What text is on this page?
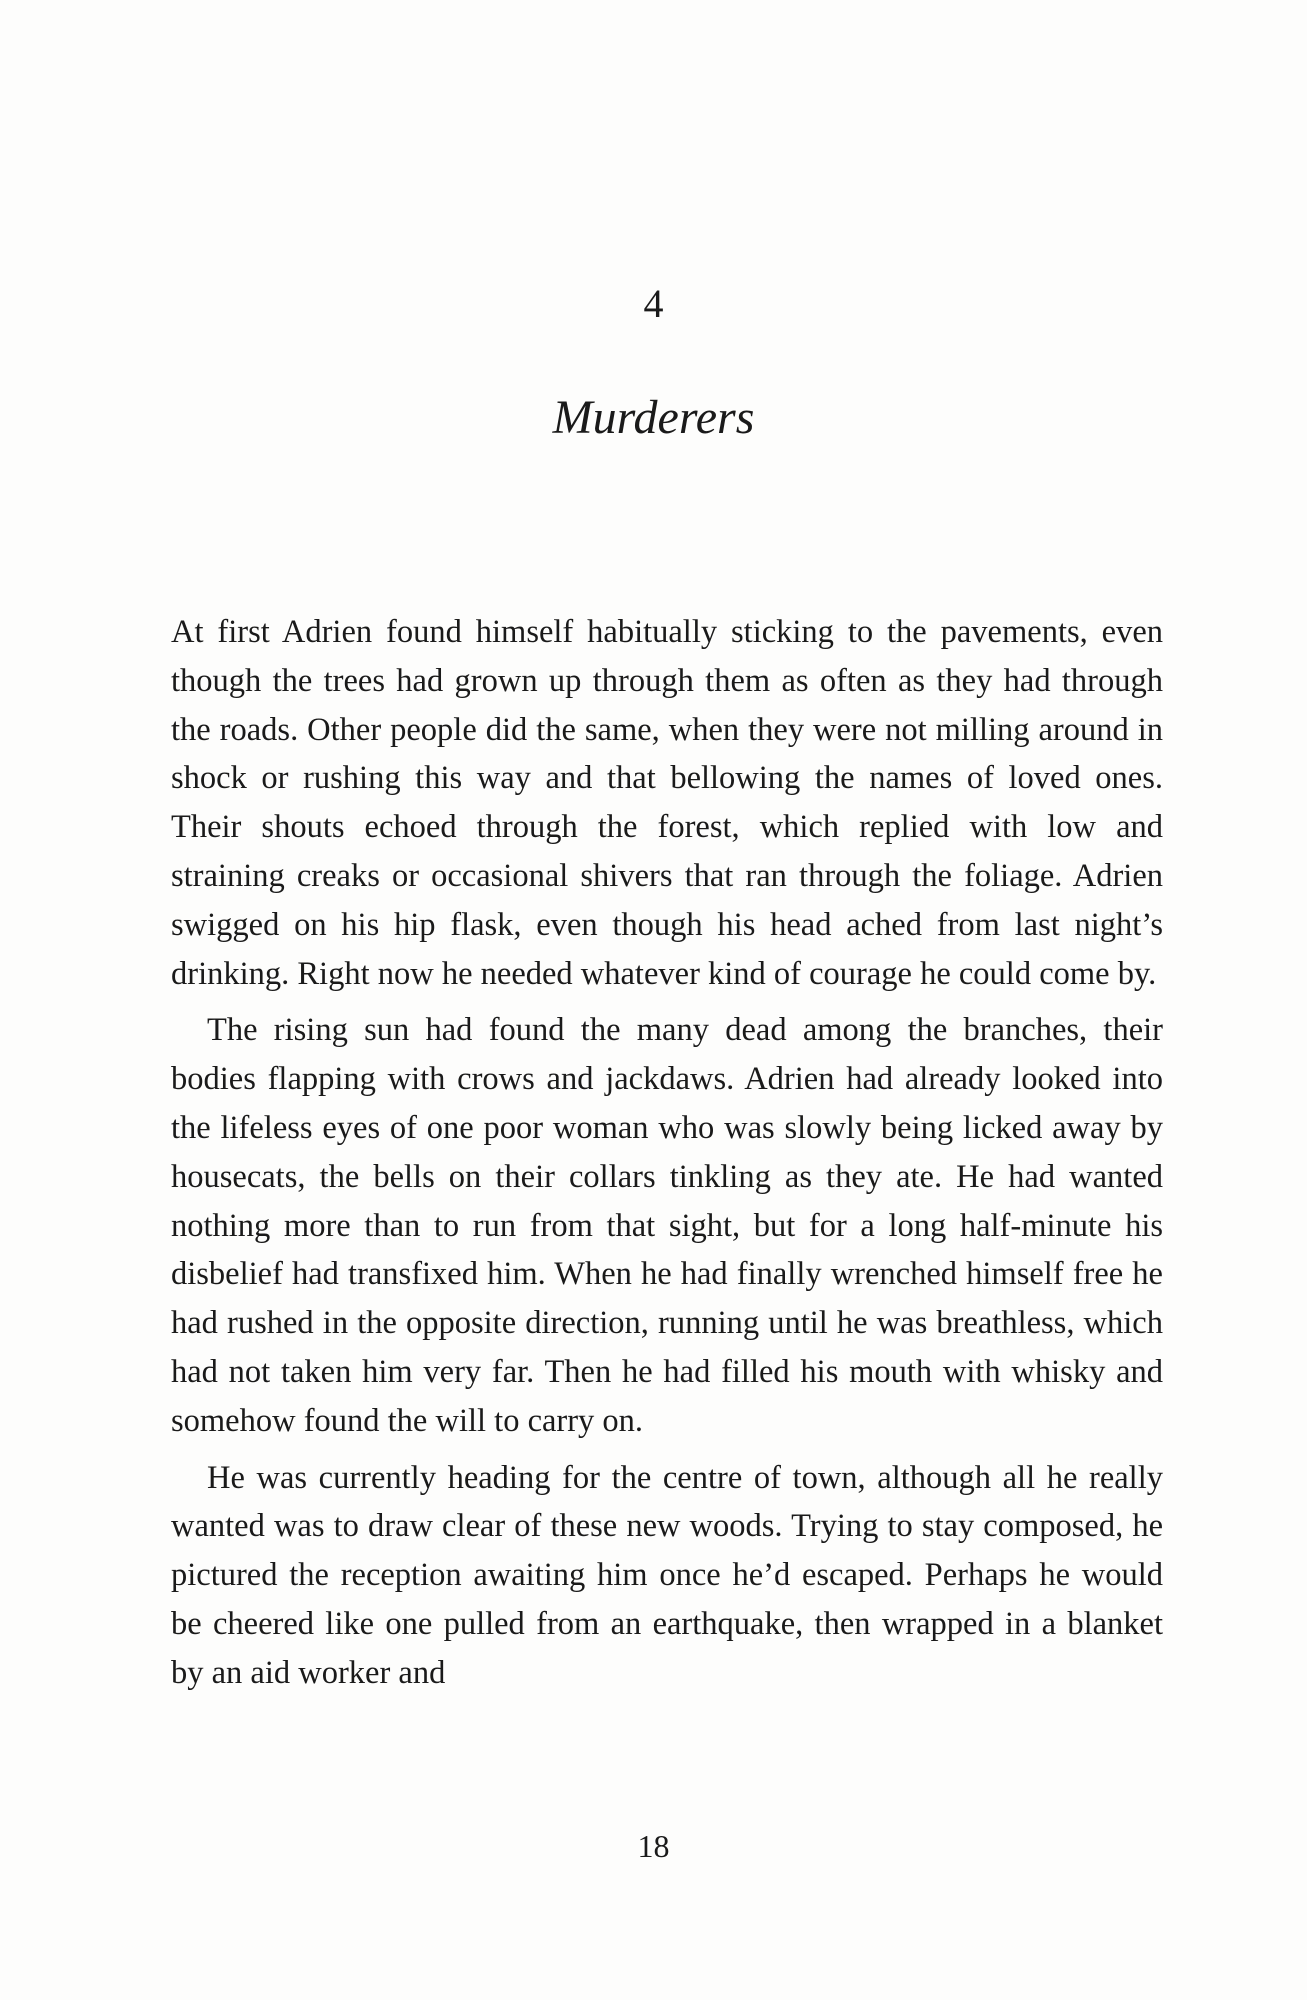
4
Murderers

At first Adrien found himself habitually sticking to the pavements, even though the trees had grown up through them as often as they had through the roads. Other people did the same, when they were not milling around in shock or rushing this way and that bellowing the names of loved ones. Their shouts echoed through the forest, which replied with low and straining creaks or occasional shivers that ran through the foliage. Adrien swigged on his hip flask, even though his head ached from last night’s drinking. Right now he needed whatever kind of courage he could come by.

The rising sun had found the many dead among the branches, their bodies flapping with crows and jackdaws. Adrien had already looked into the lifeless eyes of one poor woman who was slowly being licked away by housecats, the bells on their collars tinkling as they ate. He had wanted nothing more than to run from that sight, but for a long half-minute his disbelief had transfixed him. When he had finally wrenched himself free he had rushed in the opposite direction, running until he was breathless, which had not taken him very far. Then he had filled his mouth with whisky and somehow found the will to carry on.

He was currently heading for the centre of town, although all he really wanted was to draw clear of these new woods. Trying to stay composed, he pictured the reception awaiting him once he’d escaped. Perhaps he would be cheered like one pulled from an earthquake, then wrapped in a blanket by an aid worker and

18
